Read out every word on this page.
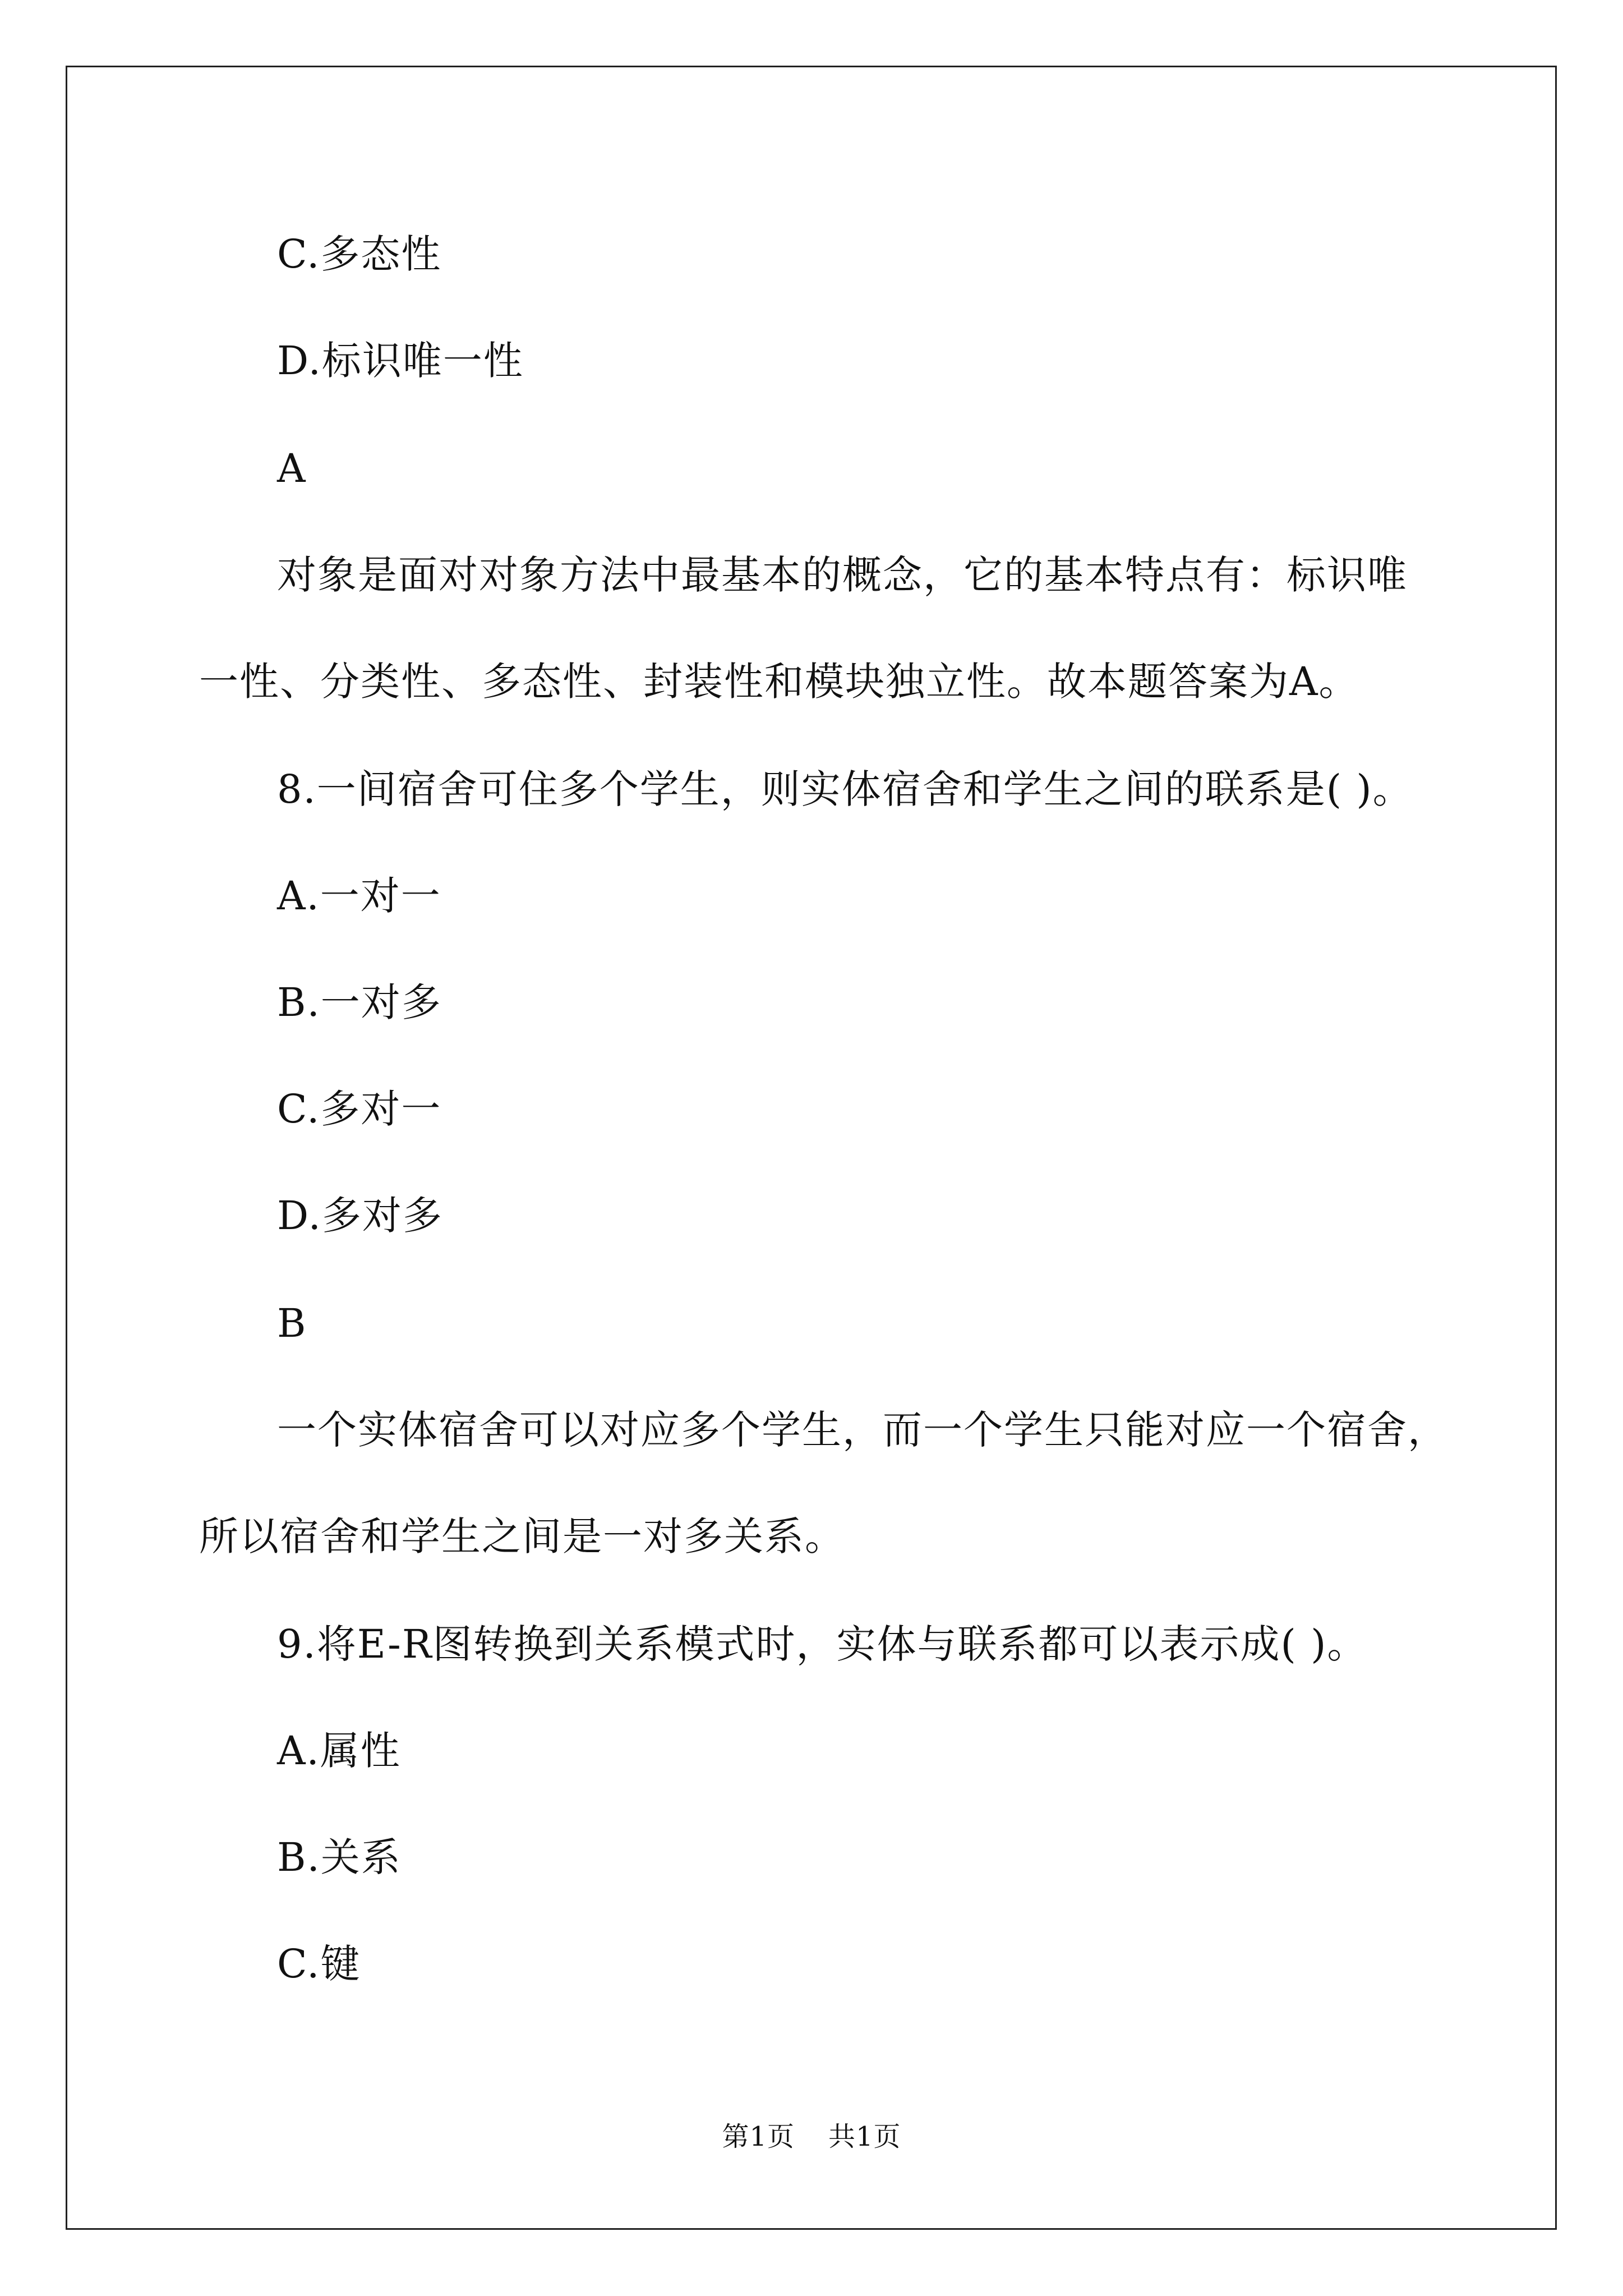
C.多态性
D.标识唯一性
A
对象是面对对象方法中最基本的概念，它的基本特点有：标识唯
一性、分类性、多态性、封装性和模块独立性。故本题答案为A。
8.一间宿舍可住多个学生，则实体宿舍和学生之间的联系是( )。
A.一对一
B.一对多
C.多对一
D.多对多
B
一个实体宿舍可以对应多个学生，而一个学生只能对应一个宿舍，
所以宿舍和学生之间是一对多关系。
9.将E-R图转换到关系模式时，实体与联系都可以表示成( )。
A.属性
B.关系
C.键
第1页 共1页
